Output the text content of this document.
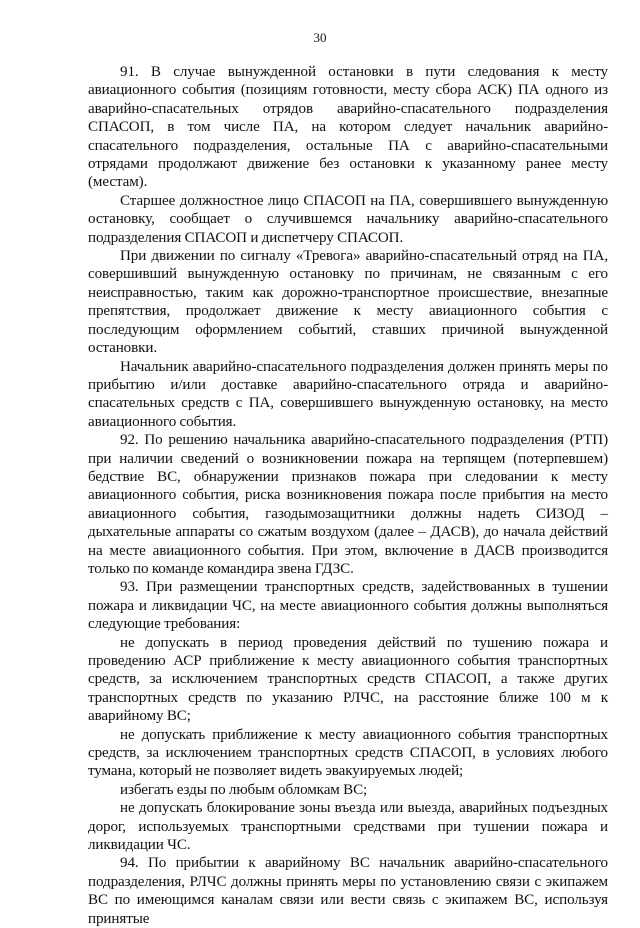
30

91. В случае вынужденной остановки в пути следования к месту авиационного события (позициям готовности, месту сбора АСК) ПА одного из аварийно-спасательных отрядов аварийно-спасательного подразделения СПАСОП, в том числе ПА, на котором следует начальник аварийно-спасательного подразделения, остальные ПА с аварийно-спасательными отрядами продолжают движение без остановки к указанному ранее месту (местам).

Старшее должностное лицо СПАСОП на ПА, совершившего вынужденную остановку, сообщает о случившемся начальнику аварийно-спасательного подразделения СПАСОП и диспетчеру СПАСОП.

При движении по сигналу «Тревога» аварийно-спасательный отряд на ПА, совершивший вынужденную остановку по причинам, не связанным с его неисправностью, таким как дорожно-транспортное происшествие, внезапные препятствия, продолжает движение к месту авиационного события с последующим оформлением событий, ставших причиной вынужденной остановки.

Начальник аварийно-спасательного подразделения должен принять меры по прибытию и/или доставке аварийно-спасательного отряда и аварийно-спасательных средств с ПА, совершившего вынужденную остановку, на место авиационного события.

92. По решению начальника аварийно-спасательного подразделения (РТП) при наличии сведений о возникновении пожара на терпящем (потерпевшем) бедствие ВС, обнаружении признаков пожара при следовании к месту авиационного события, риска возникновения пожара после прибытия на место авиационного события, газодымозащитники должны надеть СИЗОД – дыхательные аппараты со сжатым воздухом (далее – ДАСВ), до начала действий на месте авиационного события. При этом, включение в ДАСВ производится только по команде командира звена ГДЗС.

93. При размещении транспортных средств, задействованных в тушении пожара и ликвидации ЧС, на месте авиационного события должны выполняться следующие требования:

не допускать в период проведения действий по тушению пожара и проведению АСР приближение к месту авиационного события транспортных средств, за исключением транспортных средств СПАСОП, а также других транспортных средств по указанию РЛЧС, на расстояние ближе 100 м к аварийному ВС;

не допускать приближение к месту авиационного события транспортных средств, за исключением транспортных средств СПАСОП, в условиях любого тумана, который не позволяет видеть эвакуируемых людей;

избегать езды по любым обломкам ВС;

не допускать блокирование зоны въезда или выезда, аварийных подъездных дорог, используемых транспортными средствами при тушении пожара и ликвидации ЧС.

94. По прибытии к аварийному ВС начальник аварийно-спасательного подразделения, РЛЧС должны принять меры по установлению связи с экипажем ВС по имеющимся каналам связи или вести связь с экипажем ВС, используя принятые
